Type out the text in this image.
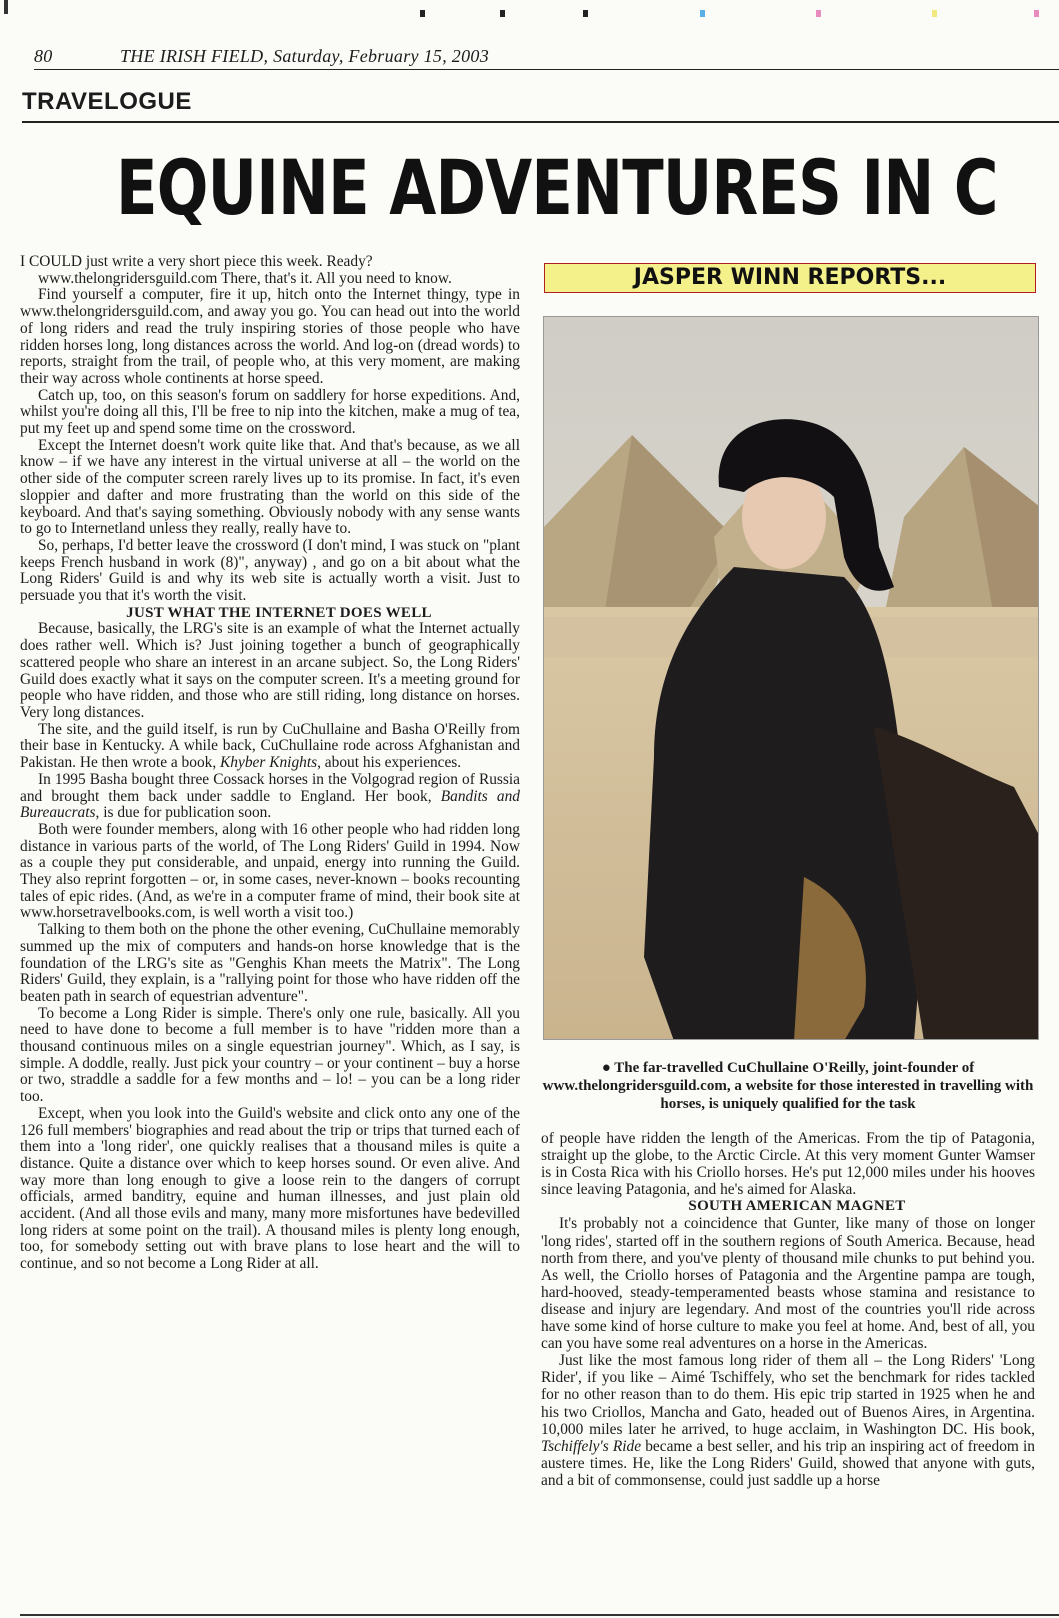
80	THE IRISH FIELD, Saturday, February 15, 2003

TRAVELOGUE
EQUINE ADVENTURES IN C

I COULD just write a very short piece this week. Ready?

www.thelongridersguild.com There, that's it. All you need to know.

Find yourself a computer, fire it up, hitch onto the Internet thingy, type in www.thelongridersguild.com, and away you go. You can head out into the world of long riders and read the truly inspiring stories of those people who have ridden horses long, long distances across the world. And log-on (dread words) to reports, straight from the trail, of people who, at this very moment, are making their way across whole continents at horse speed.

Catch up, too, on this season's forum on saddlery for horse expeditions. And, whilst you're doing all this, I'll be free to nip into the kitchen, make a mug of tea, put my feet up and spend some time on the crossword.

Except the Internet doesn't work quite like that. And that's because, as we all know – if we have any interest in the virtual universe at all – the world on the other side of the computer screen rarely lives up to its promise. In fact, it's even sloppier and dafter and more frustrating than the world on this side of the keyboard. And that's saying something. Obviously nobody with any sense wants to go to Internetland unless they really, really have to.

So, perhaps, I'd better leave the crossword (I don't mind, I was stuck on "plant keeps French husband in work (8)", anyway) , and go on a bit about what the Long Riders' Guild is and why its web site is actually worth a visit. Just to persuade you that it's worth the visit.

JUST WHAT THE INTERNET DOES WELL

Because, basically, the LRG's site is an example of what the Internet actually does rather well. Which is? Just joining together a bunch of geographically scattered people who share an interest in an arcane subject. So, the Long Riders' Guild does exactly what it says on the computer screen. It's a meeting ground for people who have ridden, and those who are still riding, long distance on horses. Very long distances.

The site, and the guild itself, is run by CuChullaine and Basha O'Reilly from their base in Kentucky. A while back, CuChullaine rode across Afghanistan and Pakistan. He then wrote a book, Khyber Knights, about his experiences.

In 1995 Basha bought three Cossack horses in the Volgograd region of Russia and brought them back under saddle to England. Her book, Bandits and Bureaucrats, is due for publication soon.

Both were founder members, along with 16 other people who had ridden long distance in various parts of the world, of The Long Riders' Guild in 1994. Now as a couple they put considerable, and unpaid, energy into running the Guild. They also reprint forgotten – or, in some cases, never-known – books recounting tales of epic rides. (And, as we're in a computer frame of mind, their book site at www.horsetravelbooks.com, is well worth a visit too.)

Talking to them both on the phone the other evening, CuChullaine memorably summed up the mix of computers and hands-on horse knowledge that is the foundation of the LRG's site as "Genghis Khan meets the Matrix". The Long Riders' Guild, they explain, is a "rallying point for those who have ridden off the beaten path in search of equestrian adventure".

To become a Long Rider is simple. There's only one rule, basically. All you need to have done to become a full member is to have "ridden more than a thousand continuous miles on a single equestrian journey". Which, as I say, is simple. A doddle, really. Just pick your country – or your continent – buy a horse or two, straddle a saddle for a few months and – lo! – you can be a long rider too.

Except, when you look into the Guild's website and click onto any one of the 126 full members' biographies and read about the trip or trips that turned each of them into a 'long rider', one quickly realises that a thousand miles is quite a distance. Quite a distance over which to keep horses sound. Or even alive. And way more than long enough to give a loose rein to the dangers of corrupt officials, armed banditry, equine and human illnesses, and just plain old accident. (And all those evils and many, many more misfortunes have bedevilled long riders at some point on the trail). A thousand miles is plenty long enough, too, for somebody setting out with brave plans to lose heart and the will to continue, and so not become a Long Rider at all.

JASPER WINN REPORTS...
● The far-travelled CuChullaine O'Reilly, joint-founder of www.thelongridersguild.com, a website for those interested in travelling with horses, is uniquely qualified for the task

of people have ridden the length of the Americas. From the tip of Patagonia, straight up the globe, to the Arctic Circle. At this very moment Gunter Wamser is in Costa Rica with his Criollo horses. He's put 12,000 miles under his hooves since leaving Patagonia, and he's aimed for Alaska.

SOUTH AMERICAN MAGNET

It's probably not a coincidence that Gunter, like many of those on longer 'long rides', started off in the southern regions of South America. Because, head north from there, and you've plenty of thousand mile chunks to put behind you. As well, the Criollo horses of Patagonia and the Argentine pampa are tough, hard-hooved, steady-temperamented beasts whose stamina and resistance to disease and injury are legendary. And most of the countries you'll ride across have some kind of horse culture to make you feel at home. And, best of all, you can you have some real adventures on a horse in the Americas.

Just like the most famous long rider of them all – the Long Riders' 'Long Rider', if you like – Aimé Tschiffely, who set the benchmark for rides tackled for no other reason than to do them. His epic trip started in 1925 when he and his two Criollos, Mancha and Gato, headed out of Buenos Aires, in Argentina. 10,000 miles later he arrived, to huge acclaim, in Washington DC. His book, Tschiffely's Ride became a best seller, and his trip an inspiring act of freedom in austere times. He, like the Long Riders' Guild, showed that anyone with guts, and a bit of commonsense, could just saddle up a horse
